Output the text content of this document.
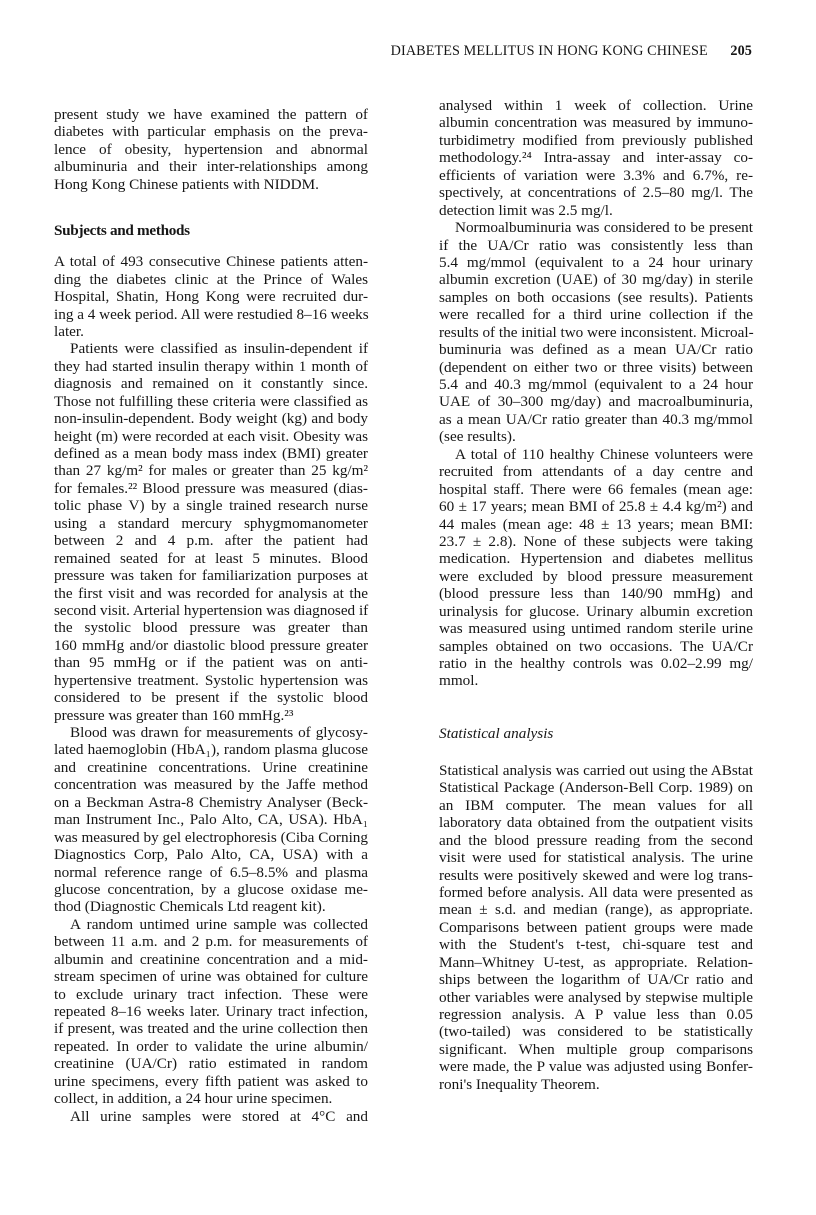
DIABETES MELLITUS IN HONG KONG CHINESE 205
present study we have examined the pattern of
diabetes with particular emphasis on the preva-
lence of obesity, hypertension and abnormal
albuminuria and their inter-relationships among
Hong Kong Chinese patients with NIDDM.
Subjects and methods
A total of 493 consecutive Chinese patients atten-
ding the diabetes clinic at the Prince of Wales
Hospital, Shatin, Hong Kong were recruited dur-
ing a 4 week period. All were restudied 8–16 weeks
later.
Patients were classified as insulin-dependent if
they had started insulin therapy within 1 month of
diagnosis and remained on it constantly since.
Those not fulfilling these criteria were classified as
non-insulin-dependent. Body weight (kg) and body
height (m) were recorded at each visit. Obesity was
defined as a mean body mass index (BMI) greater
than 27 kg/m² for males or greater than 25 kg/m²
for females.²² Blood pressure was measured (dias-
tolic phase V) by a single trained research nurse
using a standard mercury sphygmomanometer
between 2 and 4 p.m. after the patient had
remained seated for at least 5 minutes. Blood
pressure was taken for familiarization purposes at
the first visit and was recorded for analysis at the
second visit. Arterial hypertension was diagnosed if
the systolic blood pressure was greater than
160 mmHg and/or diastolic blood pressure greater
than 95 mmHg or if the patient was on anti-
hypertensive treatment. Systolic hypertension was
considered to be present if the systolic blood
pressure was greater than 160 mmHg.²³
Blood was drawn for measurements of glycosy-
lated haemoglobin (HbA₁), random plasma glucose
and creatinine concentrations. Urine creatinine
concentration was measured by the Jaffe method
on a Beckman Astra-8 Chemistry Analyser (Beck-
man Instrument Inc., Palo Alto, CA, USA). HbA₁
was measured by gel electrophoresis (Ciba Corning
Diagnostics Corp, Palo Alto, CA, USA) with a
normal reference range of 6.5–8.5% and plasma
glucose concentration, by a glucose oxidase me-
thod (Diagnostic Chemicals Ltd reagent kit).
A random untimed urine sample was collected
between 11 a.m. and 2 p.m. for measurements of
albumin and creatinine concentration and a mid-
stream specimen of urine was obtained for culture
to exclude urinary tract infection. These were
repeated 8–16 weeks later. Urinary tract infection,
if present, was treated and the urine collection then
repeated. In order to validate the urine albumin/
creatinine (UA/Cr) ratio estimated in random
urine specimens, every fifth patient was asked to
collect, in addition, a 24 hour urine specimen.
All urine samples were stored at 4°C and
analysed within 1 week of collection. Urine
albumin concentration was measured by immuno-
turbidimetry modified from previously published
methodology.²⁴ Intra-assay and inter-assay co-
efficients of variation were 3.3% and 6.7%, re-
spectively, at concentrations of 2.5–80 mg/l. The
detection limit was 2.5 mg/l.
Normoalbuminuria was considered to be present
if the UA/Cr ratio was consistently less than
5.4 mg/mmol (equivalent to a 24 hour urinary
albumin excretion (UAE) of 30 mg/day) in sterile
samples on both occasions (see results). Patients
were recalled for a third urine collection if the
results of the initial two were inconsistent. Microal-
buminuria was defined as a mean UA/Cr ratio
(dependent on either two or three visits) between
5.4 and 40.3 mg/mmol (equivalent to a 24 hour
UAE of 30–300 mg/day) and macroalbuminuria,
as a mean UA/Cr ratio greater than 40.3 mg/mmol
(see results).
A total of 110 healthy Chinese volunteers were
recruited from attendants of a day centre and
hospital staff. There were 66 females (mean age:
60 ± 17 years; mean BMI of 25.8 ± 4.4 kg/m²) and
44 males (mean age: 48 ± 13 years; mean BMI:
23.7 ± 2.8). None of these subjects were taking
medication. Hypertension and diabetes mellitus
were excluded by blood pressure measurement
(blood pressure less than 140/90 mmHg) and
urinalysis for glucose. Urinary albumin excretion
was measured using untimed random sterile urine
samples obtained on two occasions. The UA/Cr
ratio in the healthy controls was 0.02–2.99 mg/
mmol.
Statistical analysis
Statistical analysis was carried out using the ABstat
Statistical Package (Anderson-Bell Corp. 1989) on
an IBM computer. The mean values for all
laboratory data obtained from the outpatient visits
and the blood pressure reading from the second
visit were used for statistical analysis. The urine
results were positively skewed and were log trans-
formed before analysis. All data were presented as
mean ± s.d. and median (range), as appropriate.
Comparisons between patient groups were made
with the Student's t-test, chi-square test and
Mann–Whitney U-test, as appropriate. Relation-
ships between the logarithm of UA/Cr ratio and
other variables were analysed by stepwise multiple
regression analysis. A P value less than 0.05
(two-tailed) was considered to be statistically
significant. When multiple group comparisons
were made, the P value was adjusted using Bonfer-
roni's Inequality Theorem.
